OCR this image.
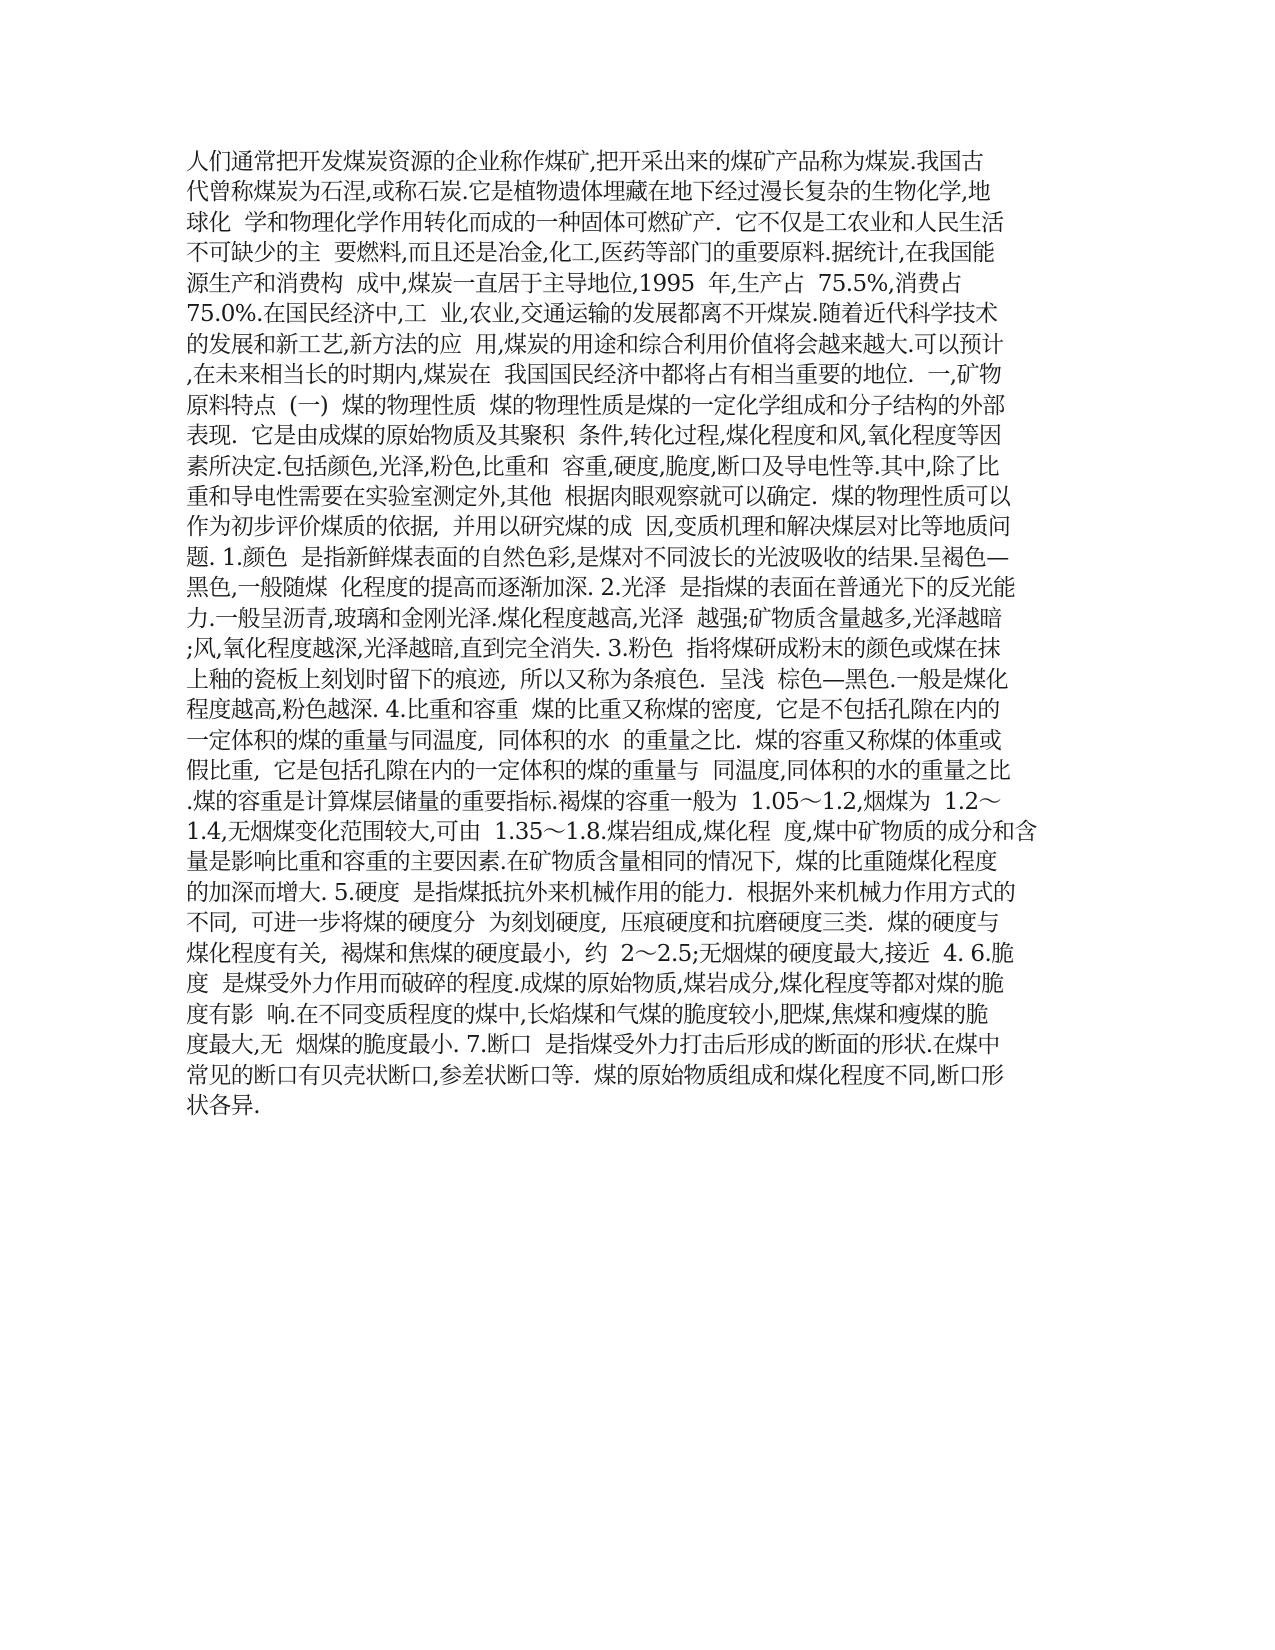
人们通常把开发煤炭资源的企业称作煤矿,把开采出来的煤矿产品称为煤炭.我国古
代曾称煤炭为石涅,或称石炭.它是植物遗体埋藏在地下经过漫长复杂的生物化学,地
球化  学和物理化学作用转化而成的一种固体可燃矿产.  它不仅是工农业和人民生活
不可缺少的主  要燃料,而且还是冶金,化工,医药等部门的重要原料.据统计,在我国能
源生产和消费构  成中,煤炭一直居于主导地位,1995  年,生产占  75.5%,消费占
75.0%.在国民经济中,工  业,农业,交通运输的发展都离不开煤炭.随着近代科学技术
的发展和新工艺,新方法的应  用,煤炭的用途和综合利用价值将会越来越大.可以预计
,在未来相当长的时期内,煤炭在  我国国民经济中都将占有相当重要的地位.  一,矿物
原料特点  (一)  煤的物理性质  煤的物理性质是煤的一定化学组成和分子结构的外部
表现.  它是由成煤的原始物质及其聚积  条件,转化过程,煤化程度和风,氧化程度等因
素所决定.包括颜色,光泽,粉色,比重和  容重,硬度,脆度,断口及导电性等.其中,除了比
重和导电性需要在实验室测定外,其他  根据肉眼观察就可以确定.  煤的物理性质可以
作为初步评价煤质的依据,  并用以研究煤的成  因,变质机理和解决煤层对比等地质问
题. 1.颜色  是指新鲜煤表面的自然色彩,是煤对不同波长的光波吸收的结果.呈褐色—
黑色,一般随煤  化程度的提高而逐渐加深. 2.光泽  是指煤的表面在普通光下的反光能
力.一般呈沥青,玻璃和金刚光泽.煤化程度越高,光泽  越强;矿物质含量越多,光泽越暗
;风,氧化程度越深,光泽越暗,直到完全消失. 3.粉色  指将煤研成粉末的颜色或煤在抹
上釉的瓷板上刻划时留下的痕迹,  所以又称为条痕色.  呈浅  棕色—黑色.一般是煤化
程度越高,粉色越深. 4.比重和容重  煤的比重又称煤的密度,  它是不包括孔隙在内的
一定体积的煤的重量与同温度,  同体积的水  的重量之比.  煤的容重又称煤的体重或
假比重,  它是包括孔隙在内的一定体积的煤的重量与  同温度,同体积的水的重量之比
.煤的容重是计算煤层储量的重要指标.褐煤的容重一般为  1.05～1.2,烟煤为  1.2～
1.4,无烟煤变化范围较大,可由  1.35～1.8.煤岩组成,煤化程  度,煤中矿物质的成分和含
量是影响比重和容重的主要因素.在矿物质含量相同的情况下,  煤的比重随煤化程度
的加深而增大. 5.硬度  是指煤抵抗外来机械作用的能力.  根据外来机械力作用方式的
不同,  可进一步将煤的硬度分  为刻划硬度,  压痕硬度和抗磨硬度三类.  煤的硬度与
煤化程度有关,  褐煤和焦煤的硬度最小,  约  2～2.5;无烟煤的硬度最大,接近  4. 6.脆
度  是煤受外力作用而破碎的程度.成煤的原始物质,煤岩成分,煤化程度等都对煤的脆
度有影  响.在不同变质程度的煤中,长焰煤和气煤的脆度较小,肥煤,焦煤和瘦煤的脆
度最大,无  烟煤的脆度最小. 7.断口  是指煤受外力打击后形成的断面的形状.在煤中
常见的断口有贝壳状断口,参差状断口等.  煤的原始物质组成和煤化程度不同,断口形
状各异.
